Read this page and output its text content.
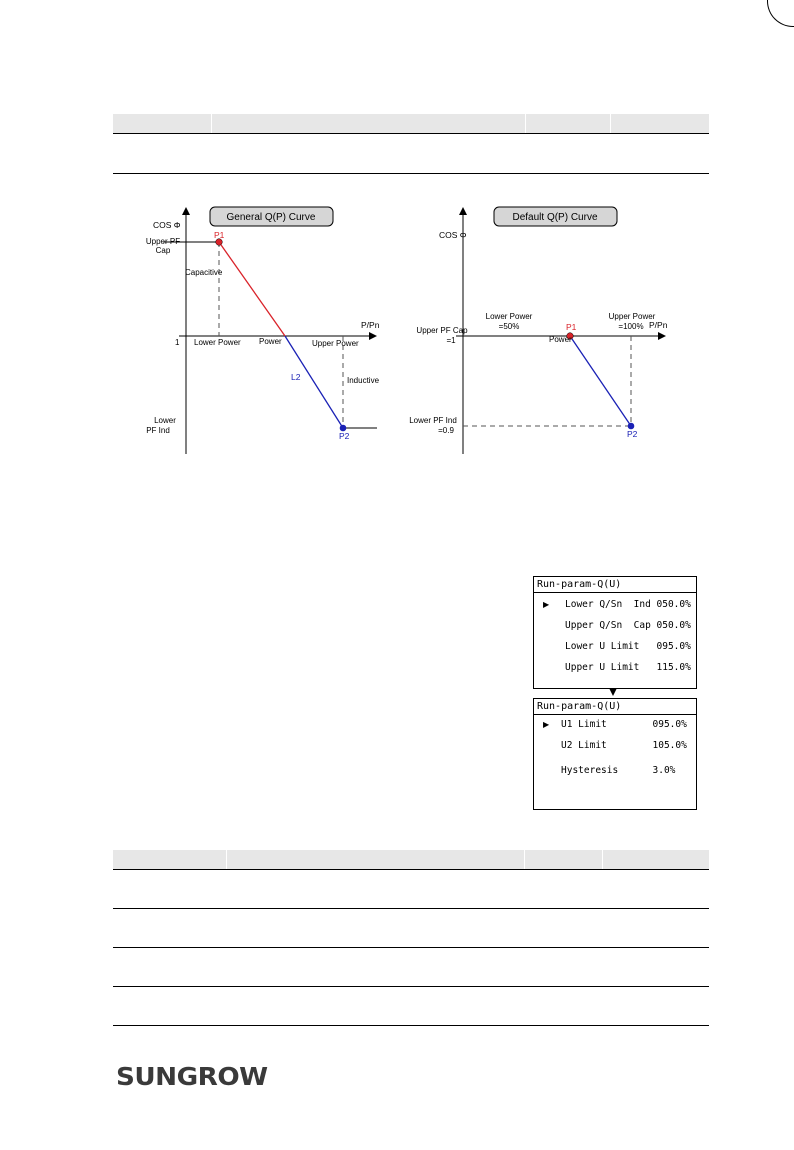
General Q(P) Curve
COS Φ
P/Pn
Upper PF
Cap
Lower
PF Ind
Capacitive
Inductive
1 Lower Power Power	Upper Power
P1
P2
L2
Default Q(P) Curve
COS Φ
P/Pn
Upper PF Cap
=1
Lower PF Ind
=0.9
Lower Power
=50%
Upper Power
=100%
Power
P1
P2
Run-param-Q(U)
▶ Lower Q/Sn  Ind 050.0%
Upper Q/Sn  Cap 050.0%
Lower U Limit   095.0%
Upper U Limit   115.0%
Run-param-Q(U)
▶ U1 Limit        095.0%
U2 Limit        105.0%
Hysteresis      3.0%
SUNGROW
